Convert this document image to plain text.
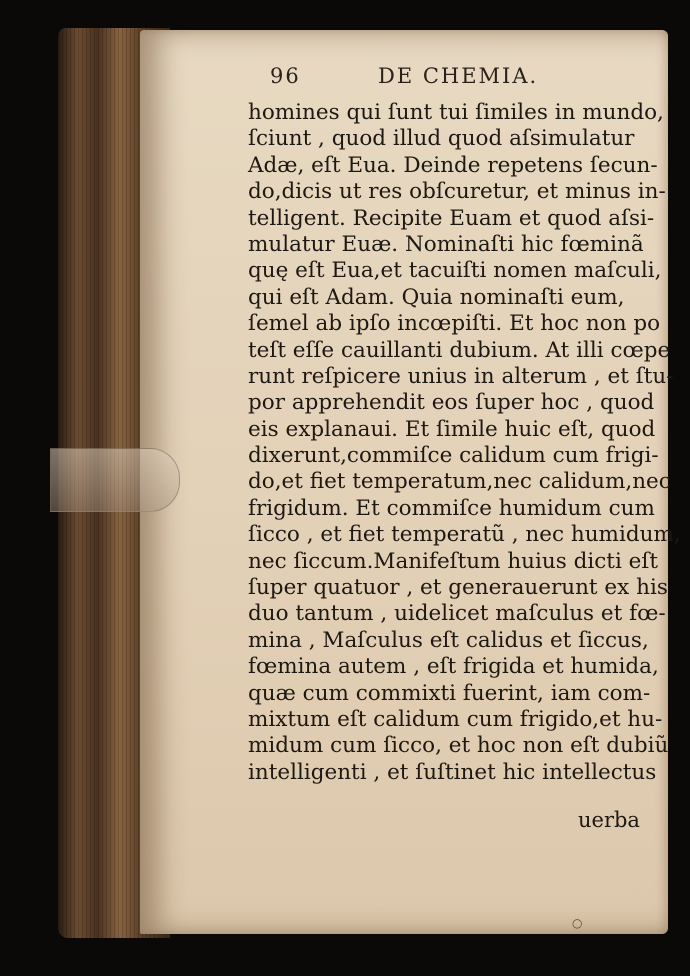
96	DE CHEMIA.
homines qui ſunt tui ſimiles in mundo,
ſciunt , quod illud quod aſsimulatur
Adæ, eſt Eua. Deinde repetens ſecun-
do,dicis ut res obſcuretur, et minus in-
telligent. Recipite Euam et quod aſsi-
mulatur Euæ. Nominaſti hic fœminã
quę eſt Eua,et tacuiſti nomen maſculi,
qui eſt Adam. Quia nominaſti eum,
ſemel ab ipſo incœpiſti. Et hoc non po
teſt eſſe cauillanti dubium. At illi cœpe
runt reſpicere unius in alterum , et ſtu-
por apprehendit eos ſuper hoc , quod
eis explanaui. Et ſimile huic eſt, quod
dixerunt,commiſce calidum cum frigi-
do,et fiet temperatum,nec calidum,nec
frigidum. Et commiſce humidum cum
ſicco , et fiet temperatũ , nec humidum,
nec ſiccum.Manifeſtum huius dicti eſt
ſuper quatuor , et generauerunt ex his
duo tantum , uidelicet maſculus et fœ-
mina , Maſculus eſt calidus et ſiccus,
fœmina autem , eſt frigida et humida,
quæ cum commixti fuerint, iam com-
mixtum eſt calidum cum frigido,et hu-
midum cum ſicco, et hoc non eſt dubiũ
intelligenti , et ſuſtinet hic intellectus
uerba
○
